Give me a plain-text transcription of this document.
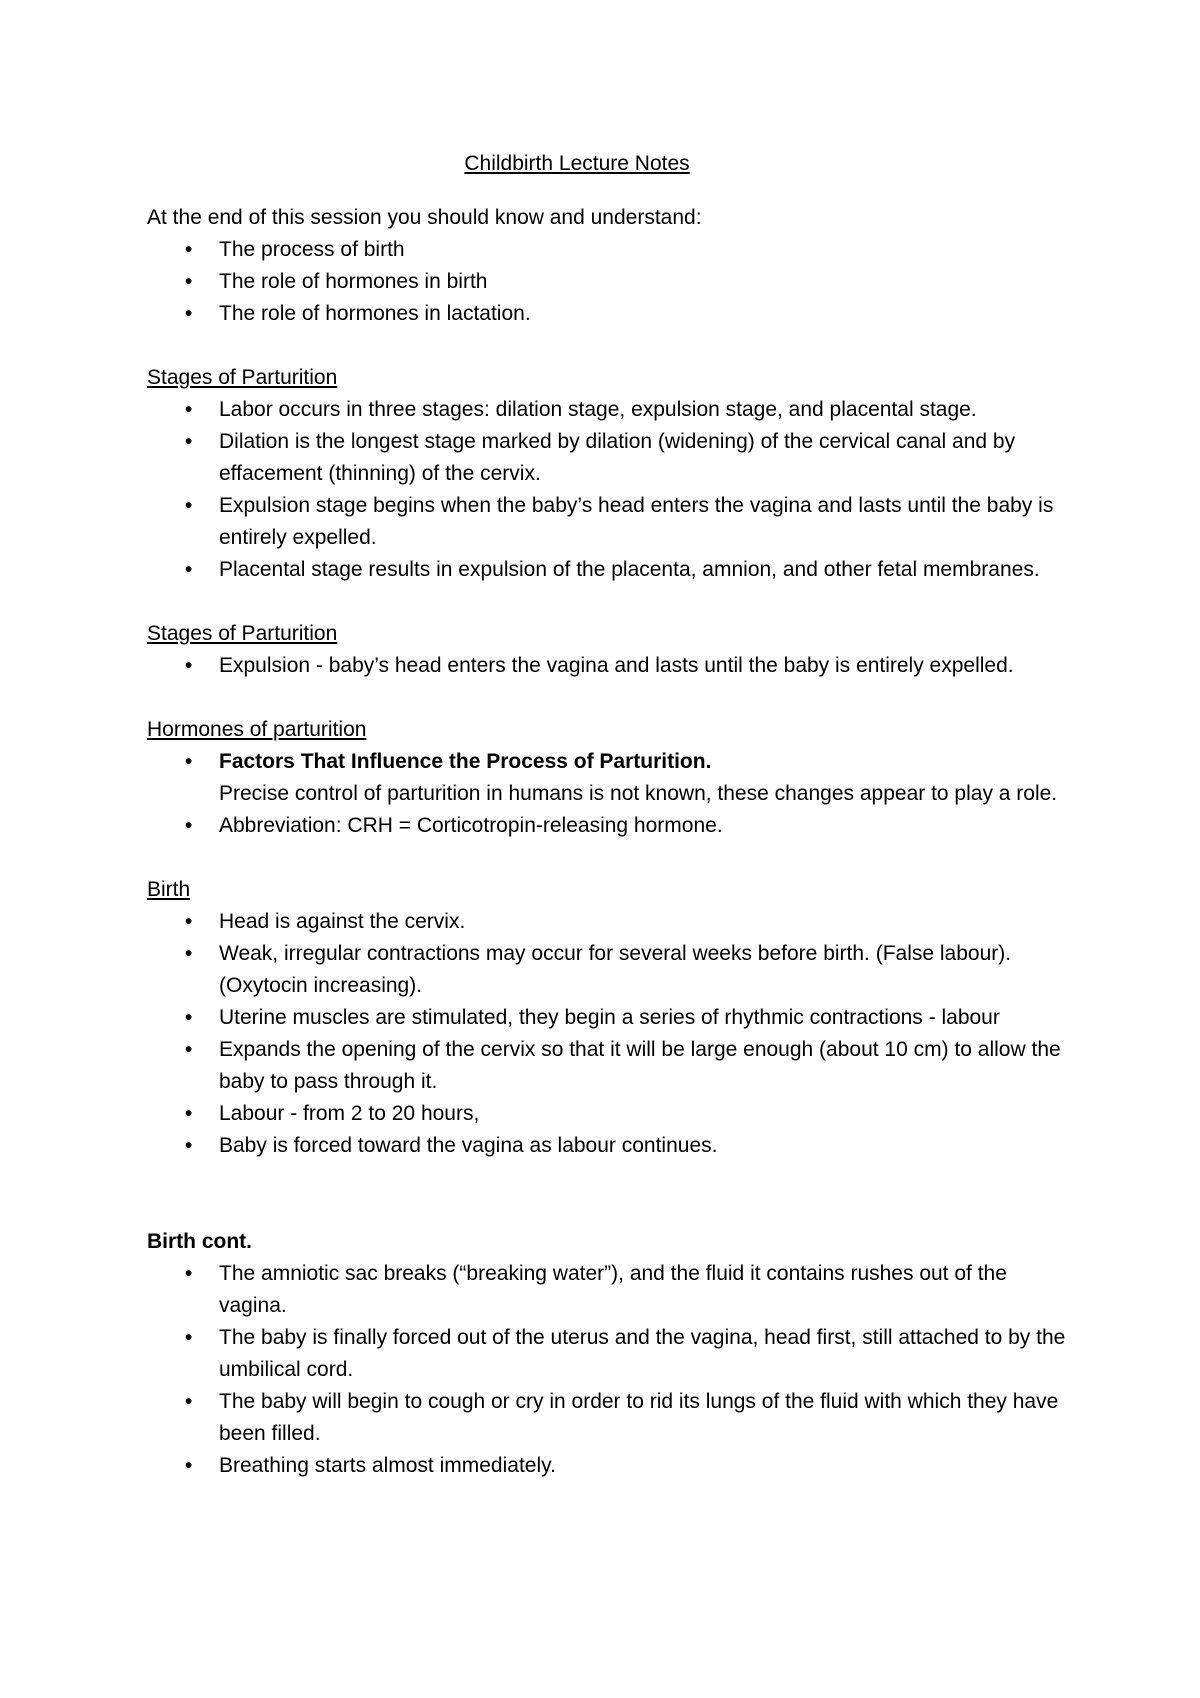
Childbirth Lecture Notes

At the end of this session you should know and understand:

• The process of birth
• The role of hormones in birth
• The role of hormones in lactation.
Stages of Parturition
• Labor occurs in three stages: dilation stage, expulsion stage, and placental stage.
• Dilation is the longest stage marked by dilation (widening) of the cervical canal and by effacement (thinning) of the cervix.
• Expulsion stage begins when the baby’s head enters the vagina and lasts until the baby is entirely expelled.
• Placental stage results in expulsion of the placenta, amnion, and other fetal membranes.
Stages of Parturition
• Expulsion - baby’s head enters the vagina and lasts until the baby is entirely expelled.
Hormones of parturition
• Factors That Influence the Process of Parturition.
Precise control of parturition in humans is not known, these changes appear to play a role.
• Abbreviation: CRH = Corticotropin-releasing hormone.
Birth
• Head is against the cervix.
• Weak, irregular contractions may occur for several weeks before birth. (False labour). (Oxytocin increasing).
• Uterine muscles are stimulated, they begin a series of rhythmic contractions - labour
• Expands the opening of the cervix so that it will be large enough (about 10 cm) to allow the baby to pass through it.
• Labour - from 2 to 20 hours,
• Baby is forced toward the vagina as labour continues.
Birth cont.
• The amniotic sac breaks (“breaking water”), and the fluid it contains rushes out of the vagina.
• The baby is finally forced out of the uterus and the vagina, head first, still attached to by the umbilical cord.
• The baby will begin to cough or cry in order to rid its lungs of the fluid with which they have been filled.
• Breathing starts almost immediately.
